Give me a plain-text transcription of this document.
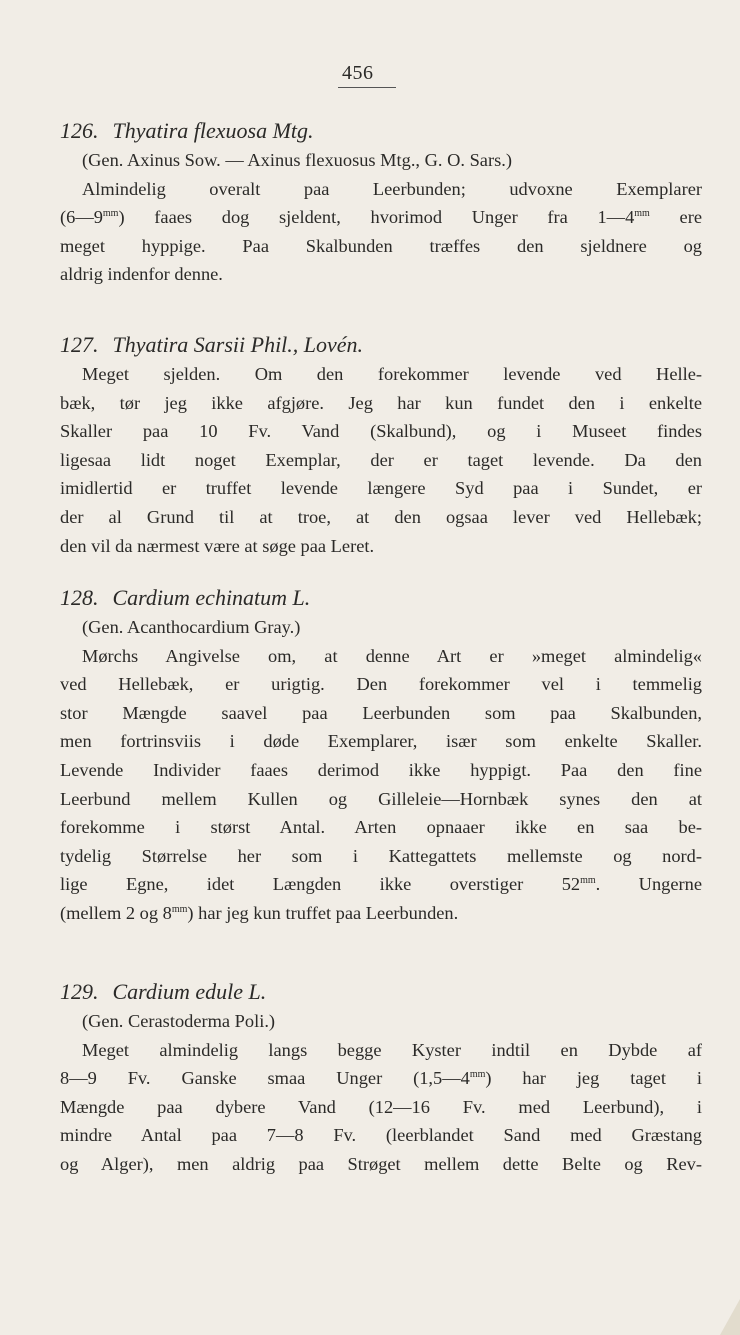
456
126. Thyatira flexuosa Mtg.
(Gen. Axinus Sow. — Axinus flexuosus Mtg., G. O. Sars.)
Almindelig overalt paa Leerbunden; udvoxne Exemplarer
$(6—9^{mm})$ faaes dog sjeldent, hvorimod Unger fra $1—4^{mm}$ ere
meget hyppige. Paa Skalbunden træffes den sjeldnere og
aldrig indenfor denne.
127. Thyatira Sarsii Phil., Lovén.
Meget sjelden. Om den forekommer levende ved Helle-
bæk, tør jeg ikke afgjøre. Jeg har kun fundet den i enkelte
Skaller paa 10 Fv. Vand (Skalbund), og i Museet findes
ligesaa lidt noget Exemplar, der er taget levende. Da den
imidlertid er truffet levende længere Syd paa i Sundet, er
der al Grund til at troe, at den ogsaa lever ved Hellebæk;
den vil da nærmest være at søge paa Leret.
128. Cardium echinatum L.
(Gen. Acanthocardium Gray.)
Mørchs Angivelse om, at denne Art er »meget almindelig«
ved Hellebæk, er urigtig. Den forekommer vel i temmelig
stor Mængde saavel paa Leerbunden som paa Skalbunden,
men fortrinsviis i døde Exemplarer, især som enkelte Skaller.
Levende Individer faaes derimod ikke hyppigt. Paa den fine
Leerbund mellem Kullen og Gilleleie—Hornbæk synes den at
forekomme i størst Antal. Arten opnaaer ikke en saa be-
tydelig Størrelse her som i Kattegattets mellemste og nord-
lige Egne, idet Længden ikke overstiger $52^{mm}$. Ungerne
(mellem 2 og $8^{mm}$) har jeg kun truffet paa Leerbunden.
129. Cardium edule L.
(Gen. Cerastoderma Poli.)
Meget almindelig langs begge Kyster indtil en Dybde af
8—9 Fv. Ganske smaa Unger $(1,5—4^{mm})$ har jeg taget i
Mængde paa dybere Vand (12—16 Fv. med Leerbund), i
mindre Antal paa 7—8 Fv. (leerblandet Sand med Græstang
og Alger), men aldrig paa Strøget mellem dette Belte og Rev-
